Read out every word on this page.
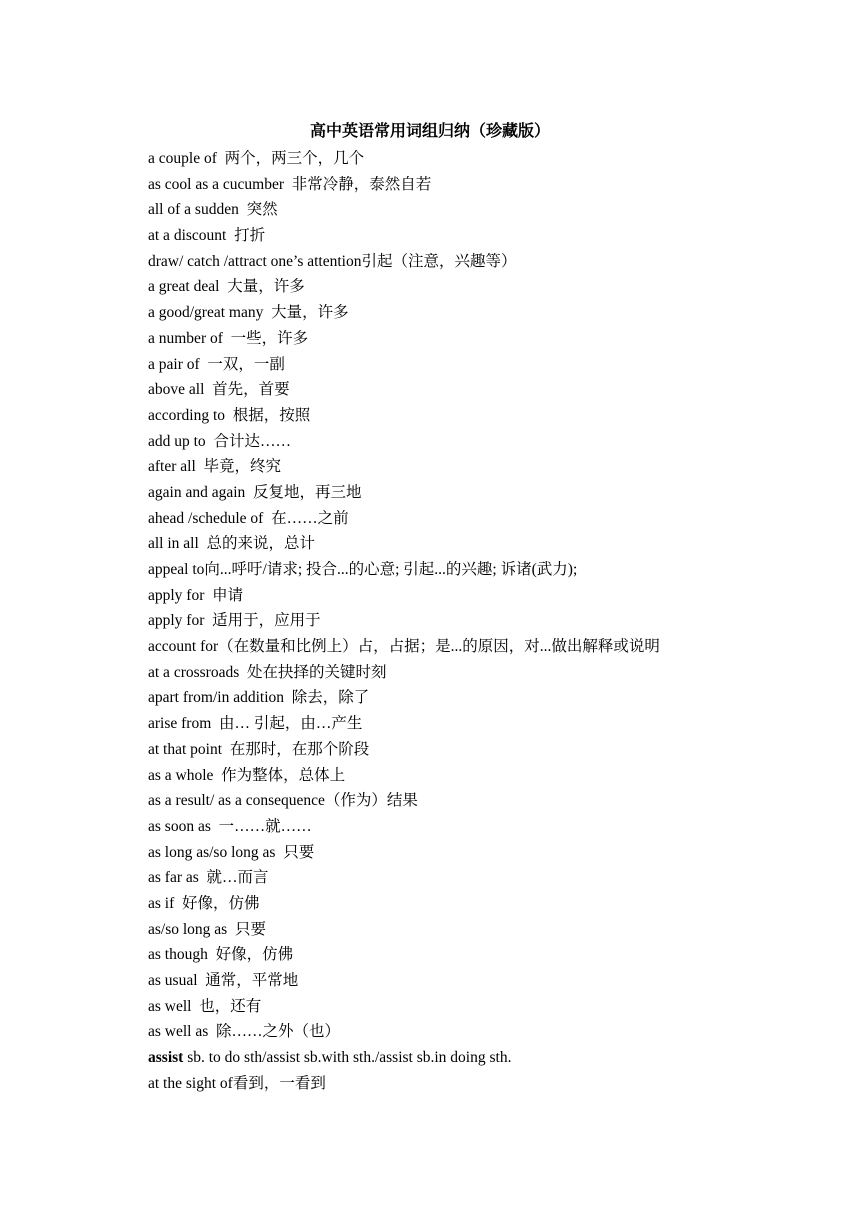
高中英语常用词组归纳（珍藏版）
a couple of  两个，两三个，几个
as cool as a cucumber  非常冷静，泰然自若
all of a sudden  突然
at a discount  打折
draw/ catch /attract one’s attention引起（注意，兴趣等）
a great deal  大量，许多
a good/great many  大量，许多
a number of  一些，许多
a pair of  一双，一副
above all  首先，首要
according to  根据，按照
add up to  合计达……
after all  毕竟，终究
again and again  反复地，再三地
ahead /schedule of  在……之前
all in all  总的来说，总计
appeal to向...呼吁/请求; 投合...的心意; 引起...的兴趣; 诉诸(武力);
apply for  申请
apply for  适用于，应用于
account for（在数量和比例上）占，占据；是...的原因，对...做出解释或说明
at a crossroads  处在抉择的关键时刻
apart from/in addition  除去，除了
arise from  由… 引起，由…产生
at that point  在那时，在那个阶段
as a whole  作为整体，总体上
as a result/ as a consequence（作为）结果
as soon as  一……就……
as long as/so long as  只要
as far as  就…而言
as if  好像，仿佛
as/so long as  只要
as though  好像，仿佛
as usual  通常，平常地
as well  也，还有
as well as  除……之外（也）
assist sb. to do sth/assist sb.with sth./assist sb.in doing sth.
at the sight of看到，一看到
